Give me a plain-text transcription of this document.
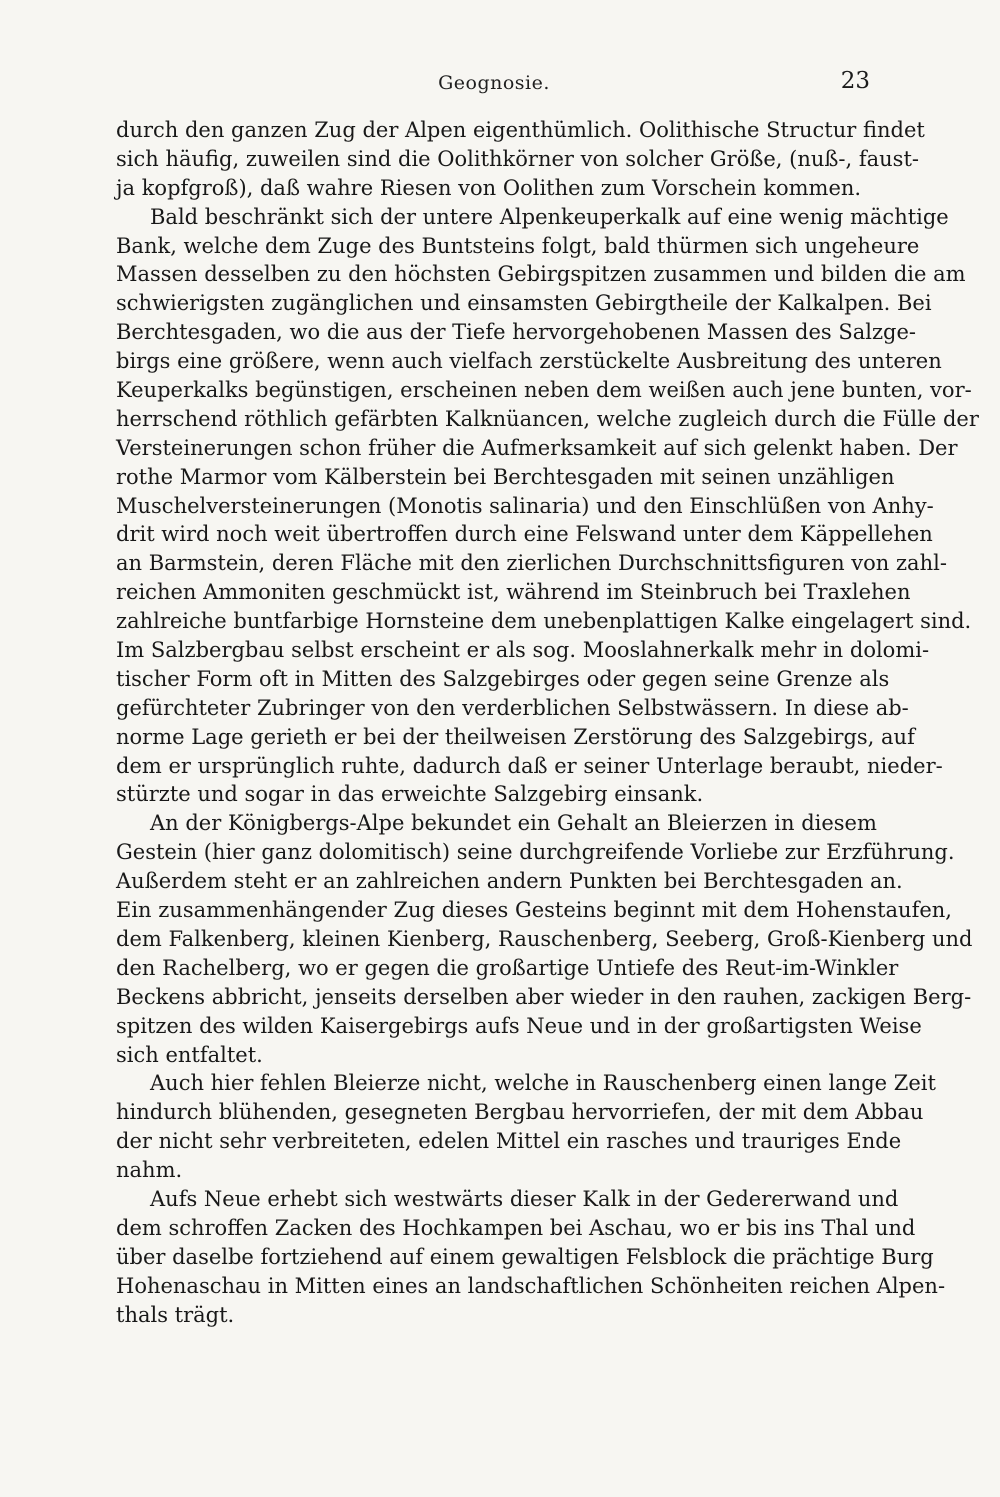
Geognosie.	23

durch den ganzen Zug der Alpen eigenthümlich. Oolithische Structur findet
sich häufig, zuweilen sind die Oolithkörner von solcher Größe, (nuß-, faust-
ja kopfgroß), daß wahre Riesen von Oolithen zum Vorschein kommen.

Bald beschränkt sich der untere Alpenkeuperkalk auf eine wenig mächtige
Bank, welche dem Zuge des Buntsteins folgt, bald thürmen sich ungeheure
Massen desselben zu den höchsten Gebirgspitzen zusammen und bilden die am
schwierigsten zugänglichen und einsamsten Gebirgtheile der Kalkalpen. Bei
Berchtesgaden, wo die aus der Tiefe hervorgehobenen Massen des Salzge-
birgs eine größere, wenn auch vielfach zerstückelte Ausbreitung des unteren
Keuperkalks begünstigen, erscheinen neben dem weißen auch jene bunten, vor-
herrschend röthlich gefärbten Kalknüancen, welche zugleich durch die Fülle der
Versteinerungen schon früher die Aufmerksamkeit auf sich gelenkt haben. Der
rothe Marmor vom Kälberstein bei Berchtesgaden mit seinen unzähligen
Muschelversteinerungen (Monotis salinaria) und den Einschlüßen von Anhy-
drit wird noch weit übertroffen durch eine Felswand unter dem Käppellehen
an Barmstein, deren Fläche mit den zierlichen Durchschnittsfiguren von zahl-
reichen Ammoniten geschmückt ist, während im Steinbruch bei Traxlehen
zahlreiche buntfarbige Hornsteine dem unebenplattigen Kalke eingelagert sind.
Im Salzbergbau selbst erscheint er als sog. Mooslahnerkalk mehr in dolomi-
tischer Form oft in Mitten des Salzgebirges oder gegen seine Grenze als
gefürchteter Zubringer von den verderblichen Selbstwässern. In diese ab-
norme Lage gerieth er bei der theilweisen Zerstörung des Salzgebirgs, auf
dem er ursprünglich ruhte, dadurch daß er seiner Unterlage beraubt, nieder-
stürzte und sogar in das erweichte Salzgebirg einsank.

An der Königbergs-Alpe bekundet ein Gehalt an Bleierzen in diesem
Gestein (hier ganz dolomitisch) seine durchgreifende Vorliebe zur Erzführung.
Außerdem steht er an zahlreichen andern Punkten bei Berchtesgaden an.
Ein zusammenhängender Zug dieses Gesteins beginnt mit dem Hohenstaufen,
dem Falkenberg, kleinen Kienberg, Rauschenberg, Seeberg, Groß-Kienberg und
den Rachelberg, wo er gegen die großartige Untiefe des Reut-im-Winkler
Beckens abbricht, jenseits derselben aber wieder in den rauhen, zackigen Berg-
spitzen des wilden Kaisergebirgs aufs Neue und in der großartigsten Weise
sich entfaltet.

Auch hier fehlen Bleierze nicht, welche in Rauschenberg einen lange Zeit
hindurch blühenden, gesegneten Bergbau hervorriefen, der mit dem Abbau
der nicht sehr verbreiteten, edelen Mittel ein rasches und trauriges Ende
nahm.

Aufs Neue erhebt sich westwärts dieser Kalk in der Gedererwand und
dem schroffen Zacken des Hochkampen bei Aschau, wo er bis ins Thal und
über daselbe fortziehend auf einem gewaltigen Felsblock die prächtige Burg
Hohenaschau in Mitten eines an landschaftlichen Schönheiten reichen Alpen-
thals trägt.
